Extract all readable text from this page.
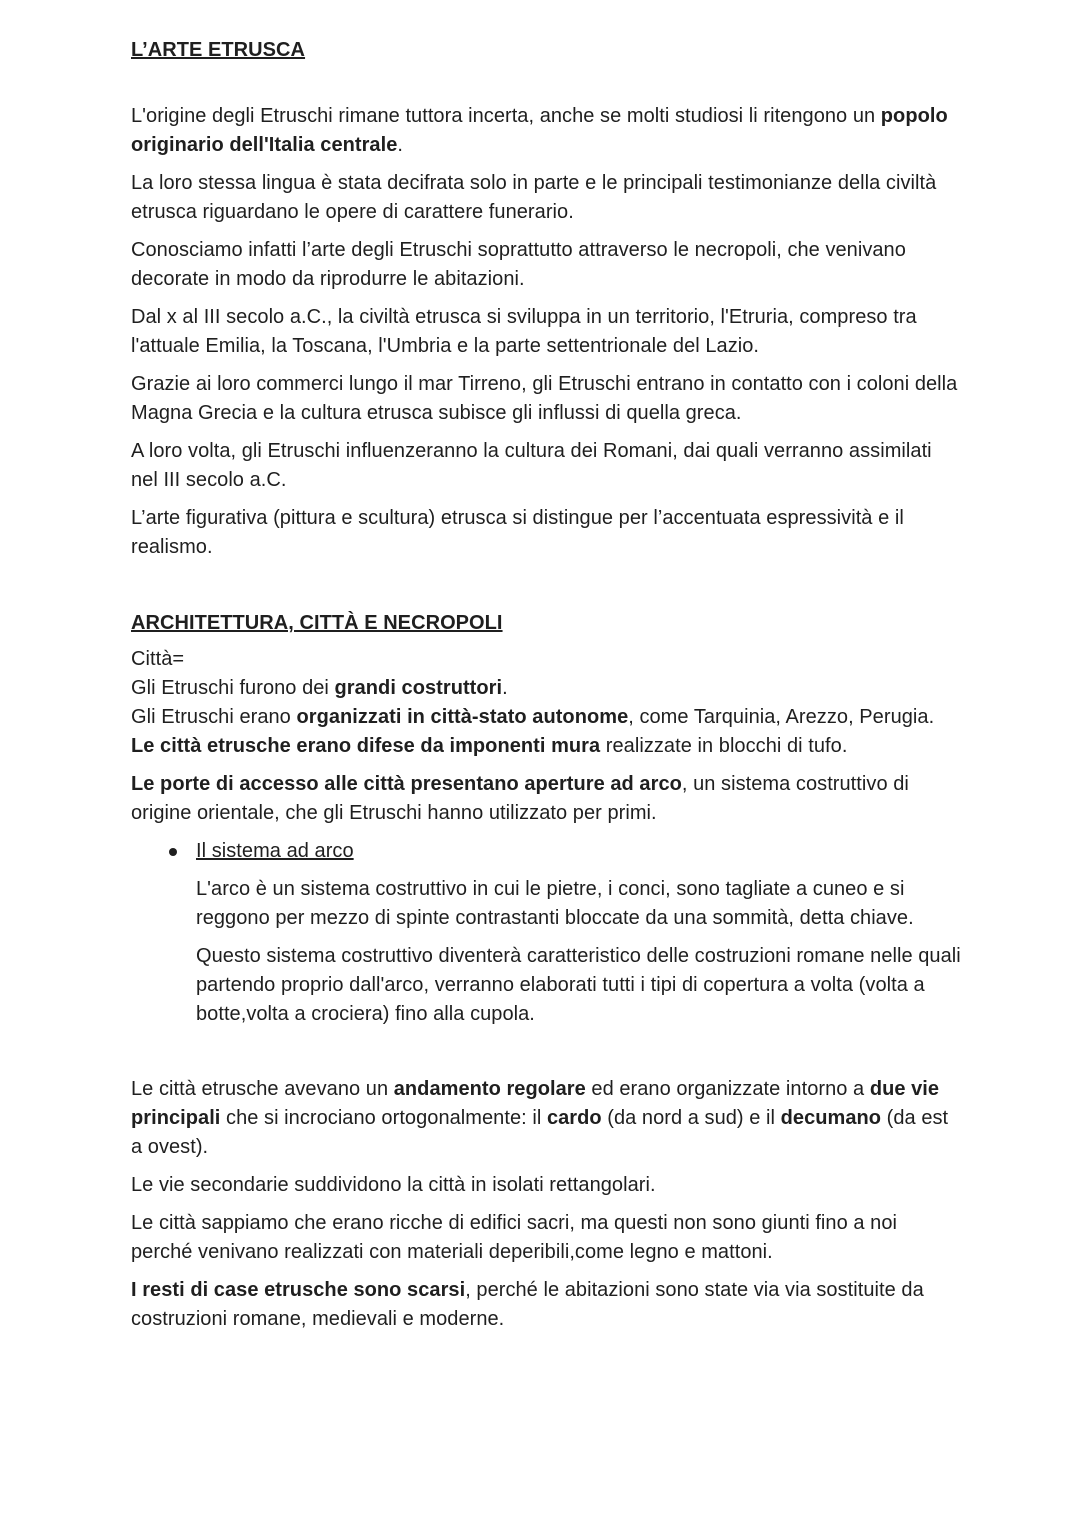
L’ARTE ETRUSCA

L'origine degli Etruschi rimane tuttora incerta, anche se molti studiosi li ritengono un popolo originario dell'Italia centrale.

La loro stessa lingua è stata decifrata solo in parte e le principali testimonianze della civiltà etrusca riguardano le opere di carattere funerario.

Conosciamo infatti l’arte degli Etruschi soprattutto attraverso le necropoli, che venivano decorate in modo da riprodurre le abitazioni.

Dal x al III secolo a.C., la civiltà etrusca si sviluppa in un territorio, l'Etruria, compreso tra l'attuale Emilia, la Toscana, l'Umbria e la parte settentrionale del Lazio.

Grazie ai loro commerci lungo il mar Tirreno, gli Etruschi entrano in contatto con i coloni della Magna Grecia e la cultura etrusca subisce gli influssi di quella greca.

A loro volta, gli Etruschi influenzeranno la cultura dei Romani, dai quali verranno assimilati nel III secolo a.C.

L’arte figurativa (pittura e scultura) etrusca si distingue per l’accentuata espressività e il realismo.

ARCHITETTURA, CITTÀ E NECROPOLI

Città=

Gli Etruschi furono dei grandi costruttori.

Gli Etruschi erano organizzati in città-stato autonome, come Tarquinia, Arezzo, Perugia.

Le città etrusche erano difese da imponenti mura realizzate in blocchi di tufo.

Le porte di accesso alle città presentano aperture ad arco, un sistema costruttivo di origine orientale, che gli Etruschi hanno utilizzato per primi.

Il sistema ad arco

L'arco è un sistema costruttivo in cui le pietre, i conci, sono tagliate a cuneo e si reggono per mezzo di spinte contrastanti bloccate da una sommità, detta chiave.

Questo sistema costruttivo diventerà caratteristico delle costruzioni romane nelle quali partendo proprio dall'arco, verranno elaborati tutti i tipi di copertura a volta (volta a botte,volta a crociera) fino alla cupola.

Le città etrusche avevano un andamento regolare ed erano organizzate intorno a due vie principali che si incrociano ortogonalmente: il cardo (da nord a sud) e il decumano (da est a ovest).

Le vie secondarie suddividono la città in isolati rettangolari.

Le città sappiamo che erano ricche di edifici sacri, ma questi non sono giunti fino a noi perché venivano realizzati con materiali deperibili,come legno e mattoni.

I resti di case etrusche sono scarsi, perché le abitazioni sono state via via sostituite da costruzioni romane, medievali e moderne.
